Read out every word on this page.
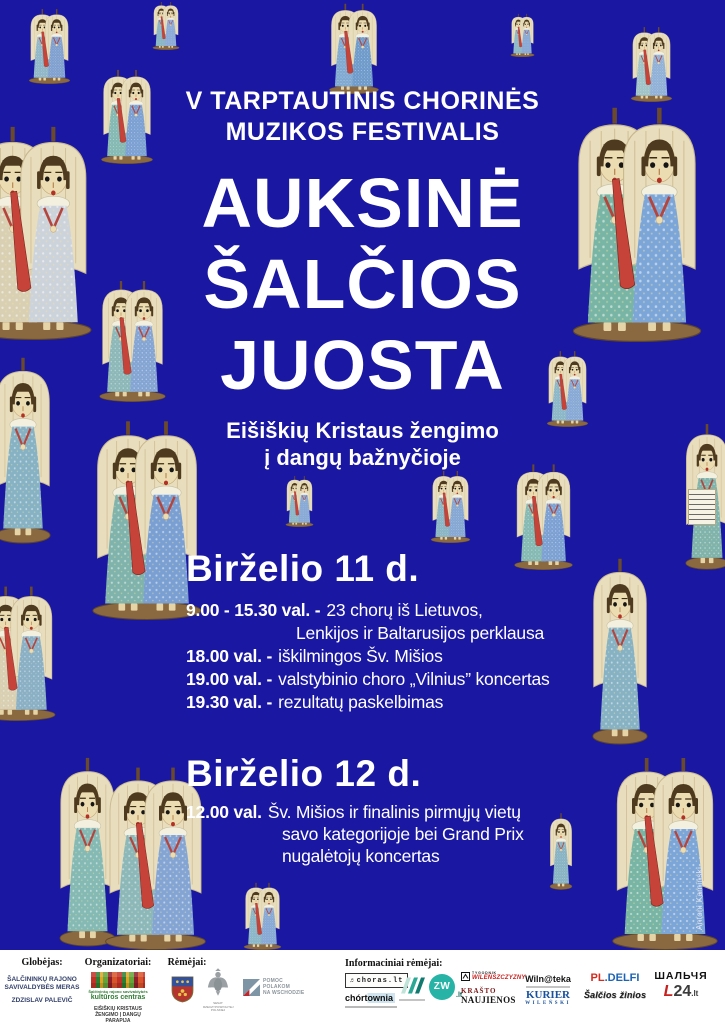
V TARPTAUTINIS CHORINĖS
MUZIKOS FESTIVALIS
AUKSINĖ
ŠALČIOS
JUOSTA
Eišiškių Kristaus žengimo
į dangų bažnyčioje
Birželio 11 d.
9.00 - 15.30 val. - 23 chorų iš Lietuvos,
Lenkijos ir Baltarusijos perklausa
18.00 val. - iškilmingos Šv. Mišios
19.00 val. - valstybinio choro „Vilnius” koncertas
19.30 val. - rezultatų paskelbimas
Birželio 12 d.
12.00 val. Šv. Mišios ir finalinis pirmųjų vietų
savo kategorijoje bei Grand Prix
nugalėtojų koncertas
Antoni Kamiński
Globėjas:
ŠALČININKŲ RAJONO
SAVIVALDYBĖS MERAS
ZDZISLAV PALEVIČ
Organizatoriai:
Šalčininkų rajono savivaldybės
kultūros centras
EIŠIŠKIŲ KRISTAUS
ŽENGIMO Į DANGŲ PARAPIJA
Rėmėjai:
SENAT RZECZYPOSPOLITEJ POLSKIEJ
POMOC
POLAKOM
NA WSCHODZIE
Informaciniai rėmėjai:
♬ choras.lt
chórtownia
$ZW_{.lt}$
TYGODNIK
WILEŃSZCZYZNY
KRAŠTO
NAUJIENOS
Wiln@teka
KURIER
WILEŃSKI
PL.DELFI
Šalčios žinios
ШАЛЬЧЯ
L24.lt
